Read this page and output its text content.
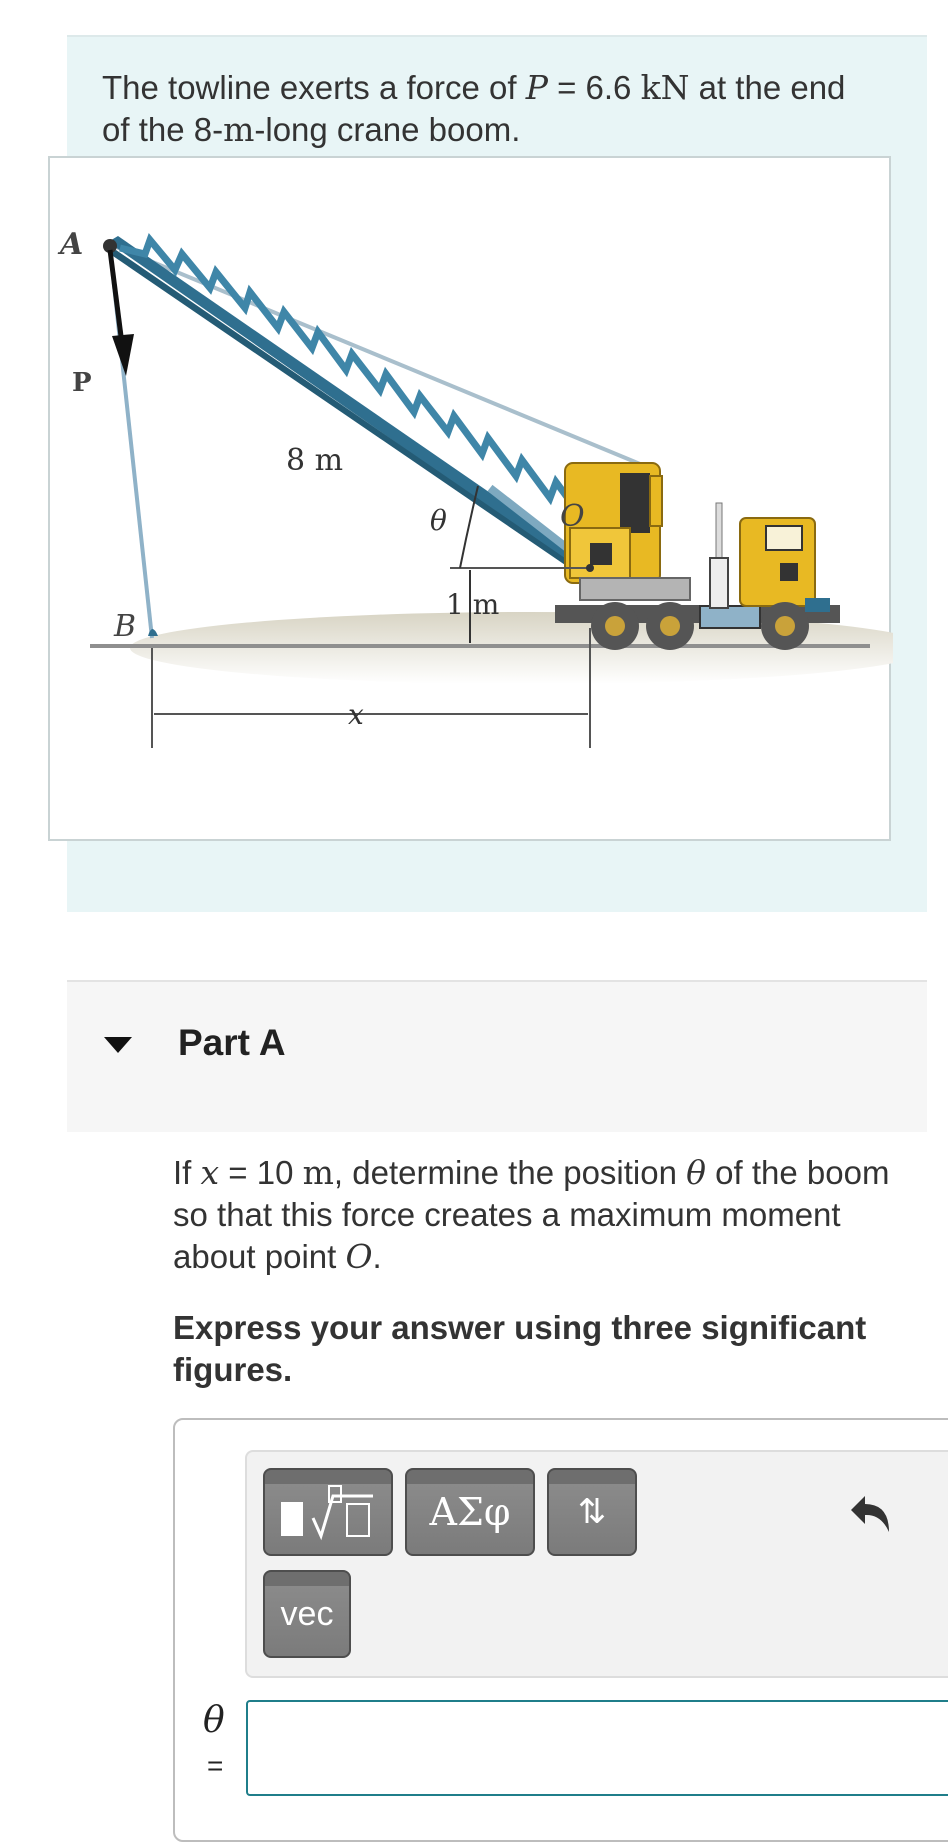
The towline exerts a force of P = 6.6 kN at the end
of the 8-m-long crane boom.
A
P
B
O
8 m
θ
1 m
x
Part A
If x = 10 m, determine the position θ of the boom
so that this force creates a maximum moment
about point O.
Express your answer using three significant figures.
ΑΣφ	⇅
vec
θ
=
